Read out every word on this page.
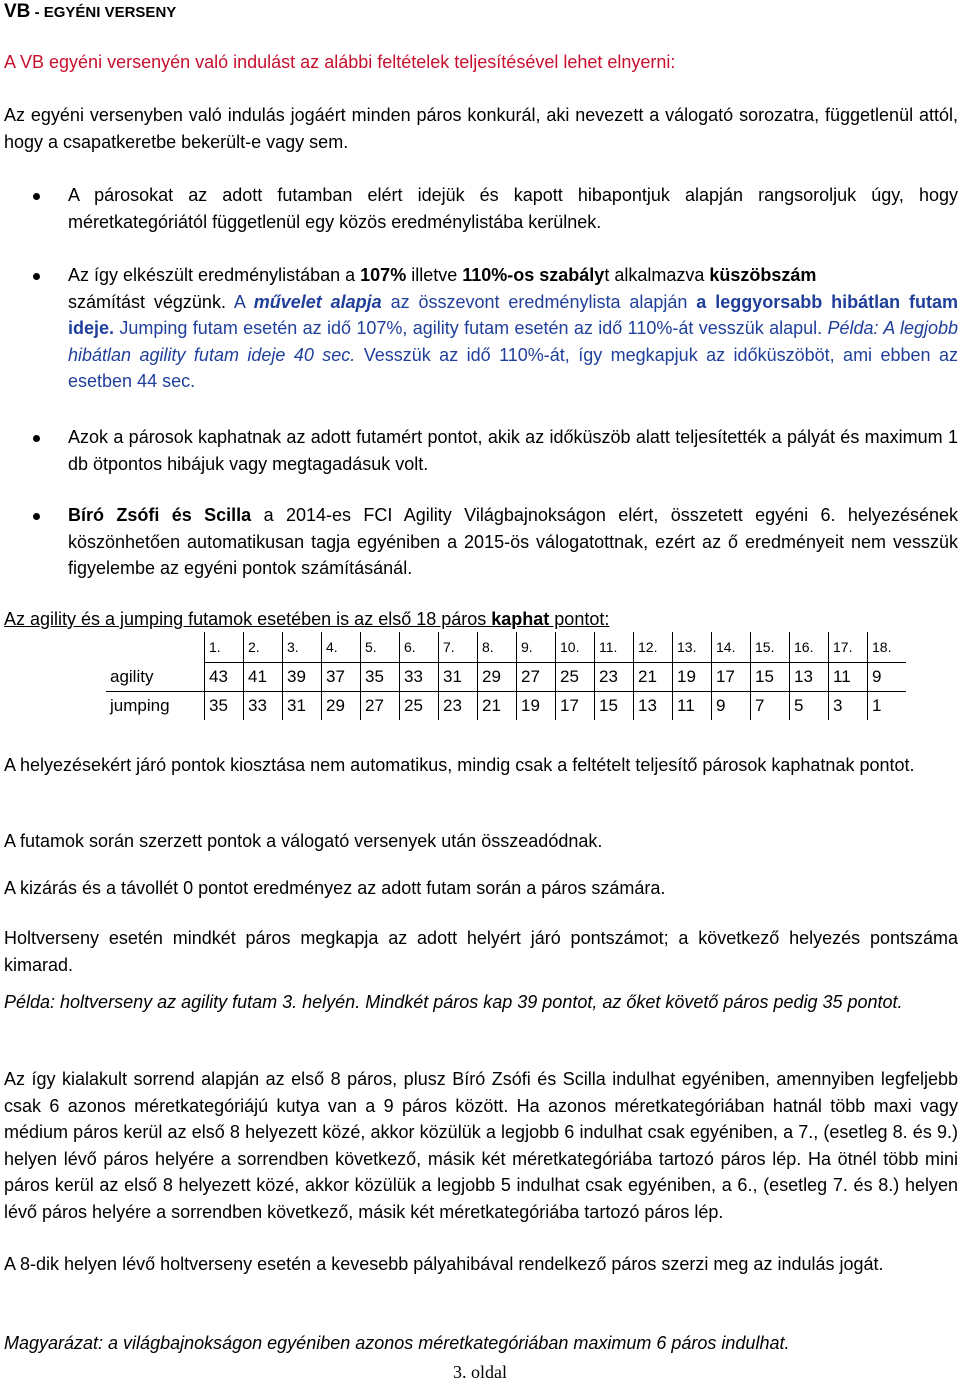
VB - EGYÉNI VERSENY

A VB egyéni versenyén való indulást az alábbi feltételek teljesítésével lehet elnyerni:

Az egyéni versenyben való indulás jogáért minden páros konkurál, aki nevezett a válogató sorozatra, függetlenül attól, hogy a csapatkeretbe bekerült-e vagy sem.

A párosokat az adott futamban elért idejük és kapott hibapontjuk alapján rangsoroljuk úgy, hogy méretkategóriától függetlenül egy közös eredménylistába kerülnek.

Az így elkészült eredménylistában a 107% illetve 110%-os szabályt alkalmazva küszöbszám
számítást végzünk. A művelet alapja az összevont eredménylista alapján a leggyorsabb hibátlan futam ideje. Jumping futam esetén az idő 107%, agility futam esetén az idő 110%-át vesszük alapul. Példa: A legjobb hibátlan agility futam ideje 40 sec. Vesszük az idő 110%-át, így megkapjuk az időküszöböt, ami ebben az esetben 44 sec.

Azok a párosok kaphatnak az adott futamért pontot, akik az időküszöb alatt teljesítették a pályát és maximum 1 db ötpontos hibájuk vagy megtagadásuk volt.

Bíró Zsófi és Scilla a 2014-es FCI Agility Világbajnokságon elért, összetett egyéni 6. helyezésének köszönhetően automatikusan tagja egyéniben a 2015-ös válogatottnak, ezért az ő eredményeit nem vesszük figyelembe az egyéni pontok számításánál.

Az agility és a jumping futamok esetében is az első 18 páros kaphat pontot:

	1.	2.	3.	4.	5.	6.	7.	8.	9.	10.	11.	12.	13.	14.	15.	16.	17.	18.
agility	43	41	39	37	35	33	31	29	27	25	23	21	19	17	15	13	11	9
jumping	35	33	31	29	27	25	23	21	19	17	15	13	11	9	7	5	3	1

A helyezésekért járó pontok kiosztása nem automatikus, mindig csak a feltételt teljesítő párosok kaphatnak pontot.

A futamok során szerzett pontok a válogató versenyek után összeadódnak.

A kizárás és a távollét 0 pontot eredményez az adott futam során a páros számára.

Holtverseny esetén mindkét páros megkapja az adott helyért járó pontszámot; a következő helyezés pontszáma kimarad.

Példa: holtverseny az agility futam 3. helyén. Mindkét páros kap 39 pontot, az őket követő páros pedig 35 pontot.

Az így kialakult sorrend alapján az első 8 páros, plusz Bíró Zsófi és Scilla indulhat egyéniben, amennyiben legfeljebb csak 6 azonos méretkategóriájú kutya van a 9 páros között. Ha azonos méretkategóriában hatnál több maxi vagy médium páros kerül az első 8 helyezett közé, akkor közülük a legjobb 6 indulhat csak egyéniben, a 7., (esetleg 8. és 9.) helyen lévő páros helyére a sorrendben következő, másik két méretkategóriába tartozó páros lép. Ha ötnél több mini páros kerül az első 8 helyezett közé, akkor közülük a legjobb 5 indulhat csak egyéniben, a 6., (esetleg 7. és 8.) helyen lévő páros helyére a sorrendben következő, másik két méretkategóriába tartozó páros lép.

A 8-dik helyen lévő holtverseny esetén a kevesebb pályahibával rendelkező páros szerzi meg az indulás jogát.

Magyarázat: a világbajnokságon egyéniben azonos méretkategóriában maximum 6 páros indulhat.

3. oldal
